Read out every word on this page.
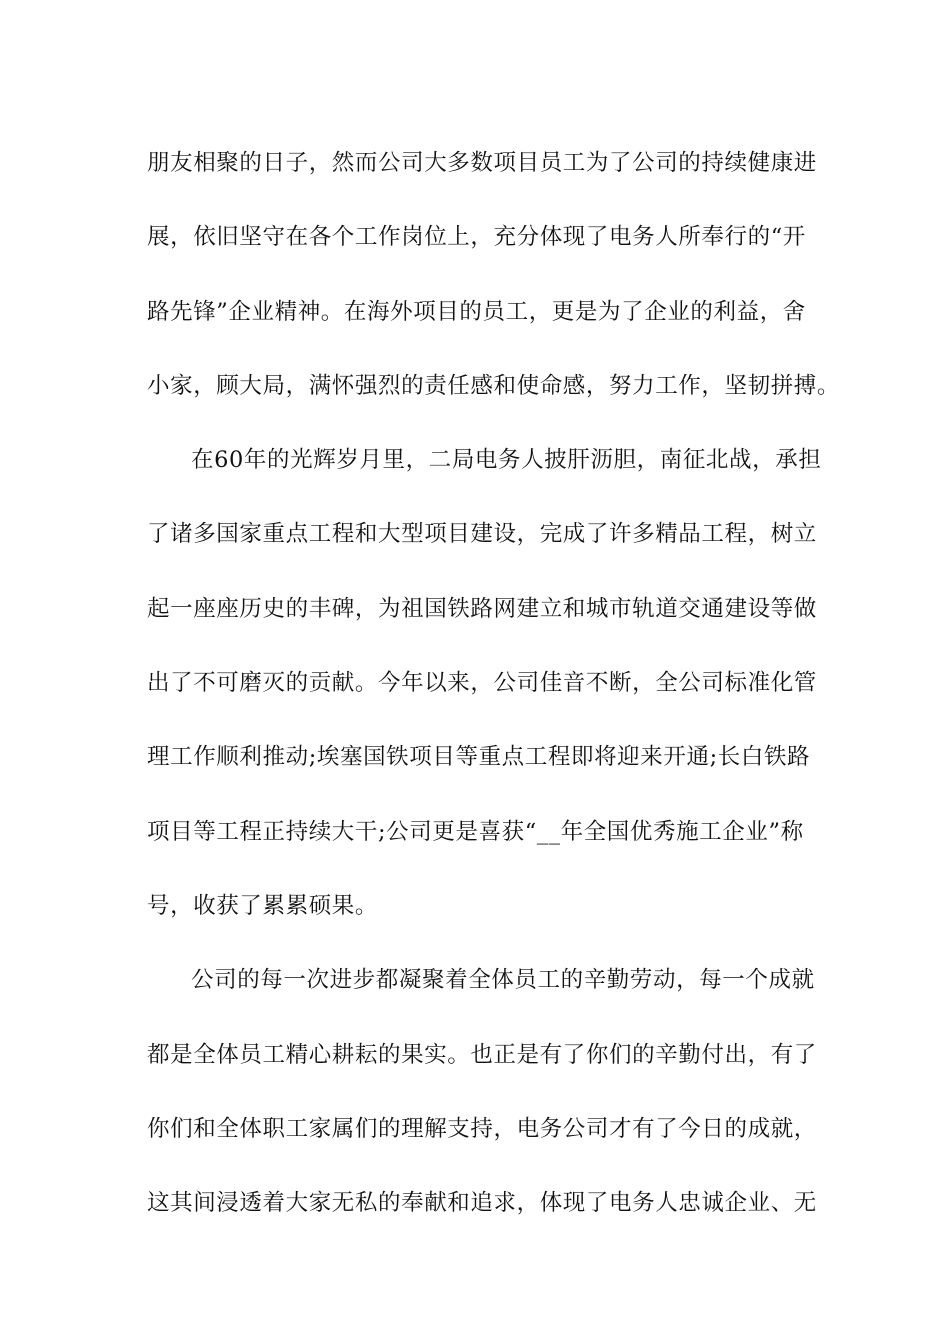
朋友相聚的日子，然而公司大多数项目员工为了公司的持续健康进
展，依旧坚守在各个工作岗位上，充分体现了电务人所奉行的“开
路先锋”企业精神。在海外项目的员工，更是为了企业的利益，舍
小家，顾大局，满怀强烈的责任感和使命感，努力工作，坚韧拼搏。
在60年的光辉岁月里，二局电务人披肝沥胆，南征北战，承担
了诸多国家重点工程和大型项目建设，完成了许多精品工程，树立
起一座座历史的丰碑，为祖国铁路网建立和城市轨道交通建设等做
出了不可磨灭的贡献。今年以来，公司佳音不断，全公司标准化管
理工作顺利推动;埃塞国铁项目等重点工程即将迎来开通;长白铁路
项目等工程正持续大干;公司更是喜获“__年全国优秀施工企业”称
号，收获了累累硕果。
公司的每一次进步都凝聚着全体员工的辛勤劳动，每一个成就
都是全体员工精心耕耘的果实。也正是有了你们的辛勤付出，有了
你们和全体职工家属们的理解支持，电务公司才有了今日的成就，
这其间浸透着大家无私的奉献和追求，体现了电务人忠诚企业、无
